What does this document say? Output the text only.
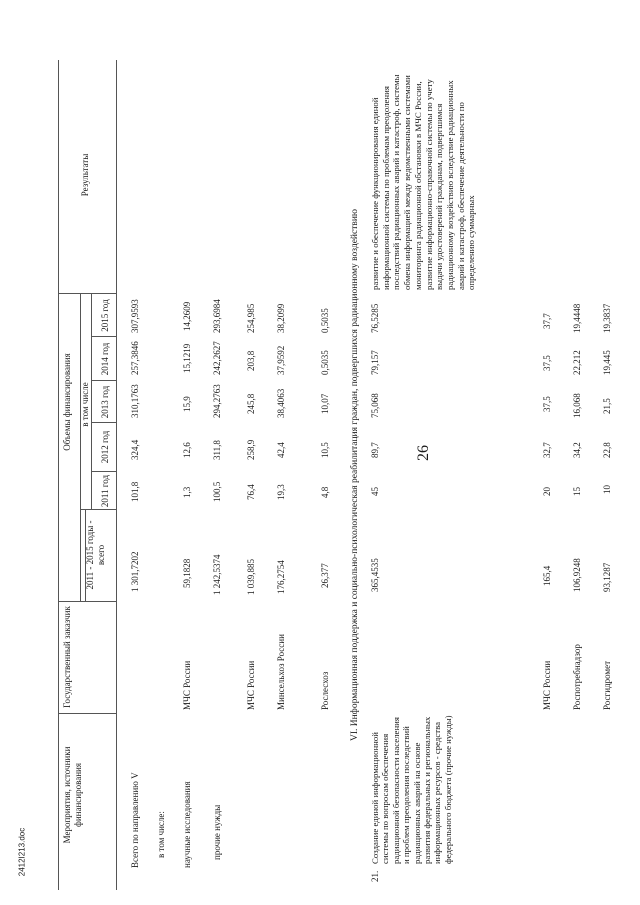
26
2412I213.doc
Мероприятия, источники финансирования
Государственный заказчик
Объемы финансирования
2011 - 2015 годы - всего
в том числе
2011 год
2012 год
2013 год
2014 год
2015 год
Результаты
Всего по направлению V
1 301,7202
101,8
324,4
310,1763
257,3846
307,9593
в том числе: научные исследования
МЧС России
59,1828
1,3
12,6
15,9
15,1219
14,2609
прочие нужды
1 242,5374
100,5
311,8
294,2763
242,2627
293,6984
МЧС России
1 039,885
76,4
258,9
245,8
203,8
254,985
Минсельхоз России
176,2754
19,3
42,4
38,4063
37,9592
38,2099
Рослесхоз
26,377
4,8
10,5
10,07
0,5035
0,5035 VI. Информационная поддержка и социально-психологическая реабилитация граждан, подвергшихся радиационному воздействию
21.
Создание единой информационной системы по вопросам обеспечения радиационной безопасности населения и проблем преодоления последствий радиационных аварий на основе развития федеральных и региональных информационных ресурсов - средства федерального бюджета (прочие нужды)
365,4535
45
89,7
75,068
79,157
76,5285
развитие и обеспечение функционирования единой информационной системы по проблемам преодоления последствий радиационных аварий и катастроф, системы обмена информацией между ведомственными системами мониторинга радиационной обстановки в МЧС России, развитие информационно-справочной системы по учету выдачи удостоверений гражданам, подвергшимся радиационному воздействию вследствие радиационных аварий и катастроф, обеспечение деятельности по определению суммарных
МЧС России
165,4
20
32,7
37,5
37,5
37,7
Роспотребнадзор
106,9248
15
34,2
16,068
22,212
19,4448
Росгидромет
93,1287
10
22,8
21,5
19,445
19,3837
